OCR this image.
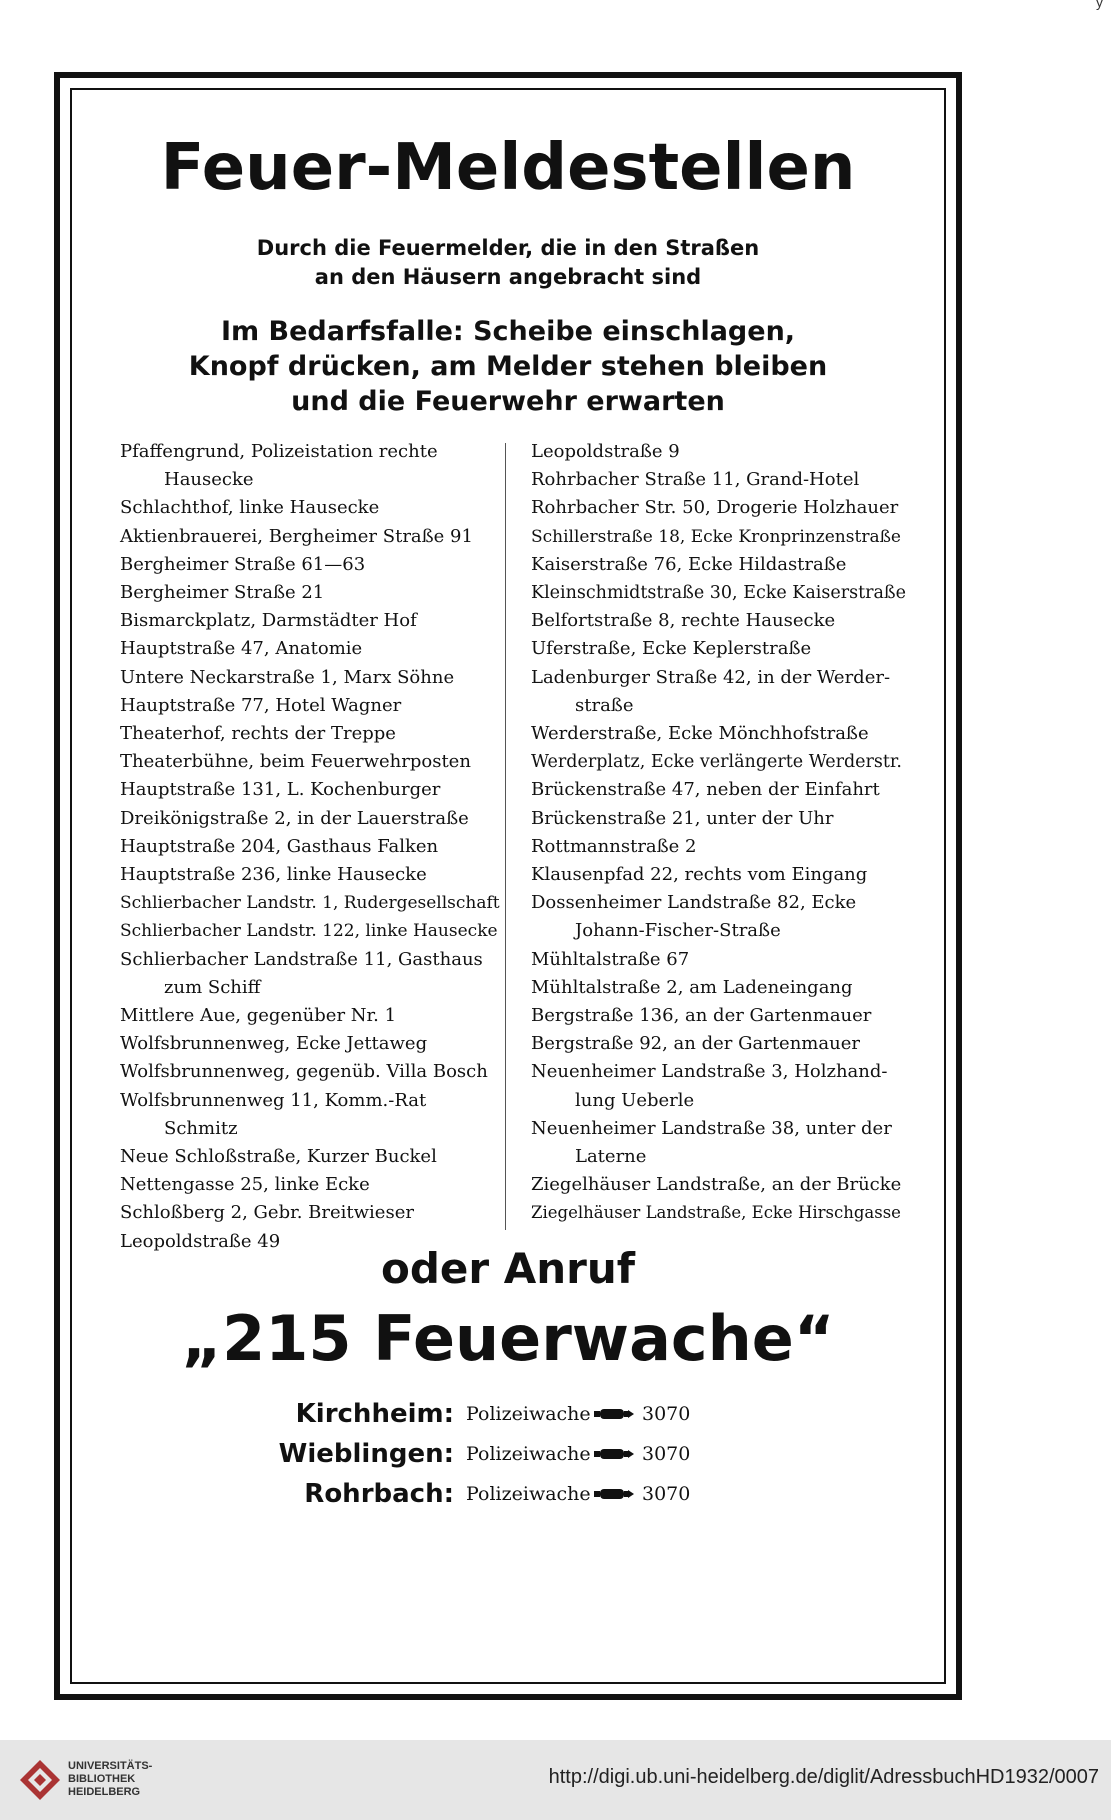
y
Feuer-Meldestellen
Durch die Feuermelder, die in den Straßen
an den Häusern angebracht sind
Im Bedarfsfalle: Scheibe einschlagen,
Knopf drücken, am Melder stehen bleiben
und die Feuerwehr erwarten
Pfaffengrund, Polizeistation rechte
Hausecke
Schlachthof, linke Hausecke
Aktienbrauerei, Bergheimer Straße 91
Bergheimer Straße 61—63
Bergheimer Straße 21
Bismarckplatz, Darmstädter Hof
Hauptstraße 47, Anatomie
Untere Neckarstraße 1, Marx Söhne
Hauptstraße 77, Hotel Wagner
Theaterhof, rechts der Treppe
Theaterbühne, beim Feuerwehrposten
Hauptstraße 131, L. Kochenburger
Dreikönigstraße 2, in der Lauerstraße
Hauptstraße 204, Gasthaus Falken
Hauptstraße 236, linke Hausecke
Schlierbacher Landstr. 1, Rudergesellschaft
Schlierbacher Landstr. 122, linke Hausecke
Schlierbacher Landstraße 11, Gasthaus
zum Schiff
Mittlere Aue, gegenüber Nr. 1
Wolfsbrunnenweg, Ecke Jettaweg
Wolfsbrunnenweg, gegenüb. Villa Bosch
Wolfsbrunnenweg 11, Komm.-Rat
Schmitz
Neue Schloßstraße, Kurzer Buckel
Nettengasse 25, linke Ecke
Schloßberg 2, Gebr. Breitwieser
Leopoldstraße 49
Leopoldstraße 9
Rohrbacher Straße 11, Grand-Hotel
Rohrbacher Str. 50, Drogerie Holzhauer
Schillerstraße 18, Ecke Kronprinzenstraße
Kaiserstraße 76, Ecke Hildastraße
Kleinschmidtstraße 30, Ecke Kaiserstraße
Belfortstraße 8, rechte Hausecke
Uferstraße, Ecke Keplerstraße
Ladenburger Straße 42, in der Werder-
straße
Werderstraße, Ecke Mönchhofstraße
Werderplatz, Ecke verlängerte Werderstr.
Brückenstraße 47, neben der Einfahrt
Brückenstraße 21, unter der Uhr
Rottmannstraße 2
Klausenpfad 22, rechts vom Eingang
Dossenheimer Landstraße 82, Ecke
Johann-Fischer-Straße
Mühltalstraße 67
Mühltalstraße 2, am Ladeneingang
Bergstraße 136, an der Gartenmauer
Bergstraße 92, an der Gartenmauer
Neuenheimer Landstraße 3, Holzhand-
lung Ueberle
Neuenheimer Landstraße 38, unter der
Laterne
Ziegelhäuser Landstraße, an der Brücke
Ziegelhäuser Landstraße, Ecke Hirschgasse
oder Anruf
„215 Feuerwache“
Kirchheim: Polizeiwache	3070
Wieblingen: Polizeiwache	3070
Rohrbach: Polizeiwache	3070
UNIVERSITÄTS-
BIBLIOTHEK
HEIDELBERG
http://digi.ub.uni-heidelberg.de/diglit/AdressbuchHD1932/0007
